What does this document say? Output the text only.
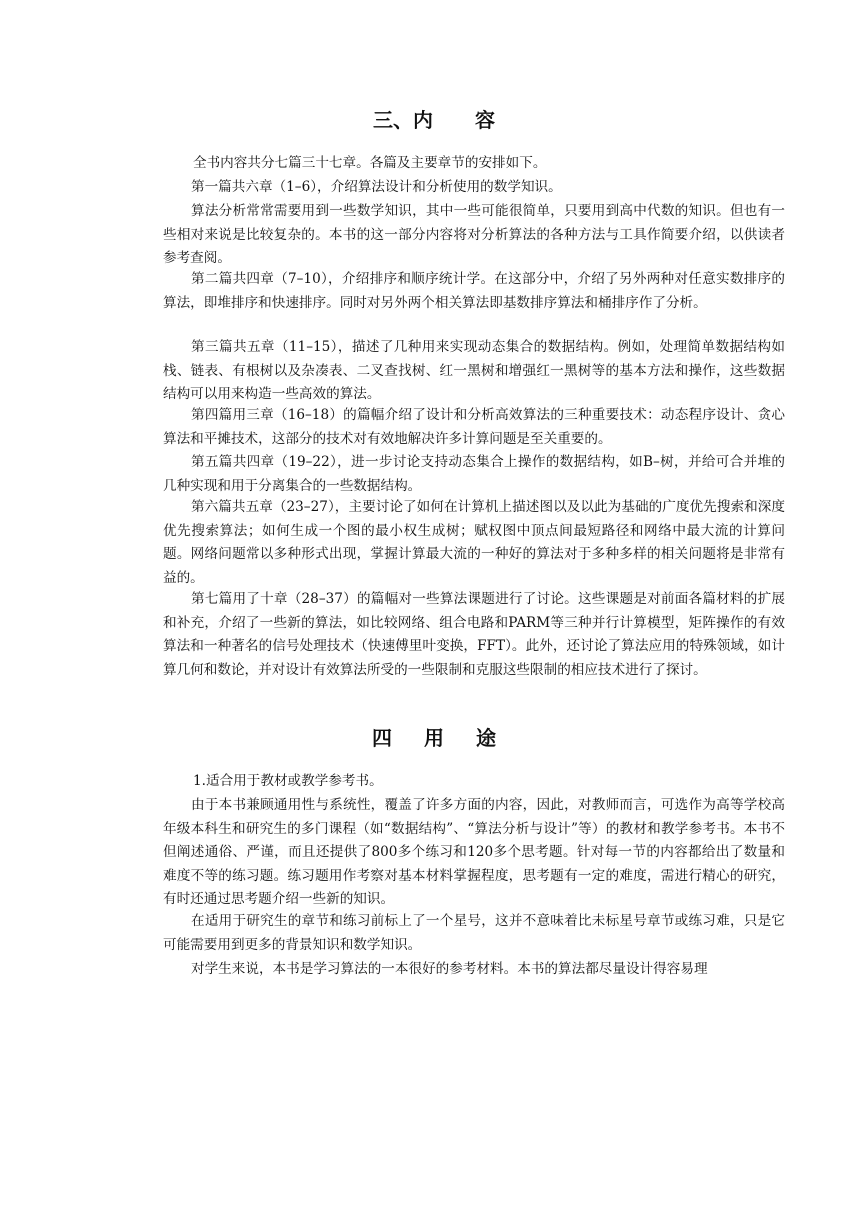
三、内 容

全书内容共分七篇三十七章。各篇及主要章节的安排如下。

第一篇共六章（1–6），介绍算法设计和分析使用的数学知识。

算法分析常常需要用到一些数学知识，其中一些可能很简单，只要用到高中代数的知识。但也有一些相对来说是比较复杂的。本书的这一部分内容将对分析算法的各种方法与工具作简要介绍，以供读者参考查阅。

第二篇共四章（7–10），介绍排序和顺序统计学。在这部分中，介绍了另外两种对任意实数排序的算法，即堆排序和快速排序。同时对另外两个相关算法即基数排序算法和桶排序作了分析。

第三篇共五章（11–15），描述了几种用来实现动态集合的数据结构。例如，处理简单数据结构如栈、链表、有根树以及杂凑表、二叉查找树、红一黑树和增强红一黑树等的基本方法和操作，这些数据结构可以用来构造一些高效的算法。

第四篇用三章（16–18）的篇幅介绍了设计和分析高效算法的三种重要技术：动态程序设计、贪心算法和平摊技术，这部分的技术对有效地解决许多计算问题是至关重要的。

第五篇共四章（19–22），进一步讨论支持动态集合上操作的数据结构，如B–树，并给可合并堆的几种实现和用于分离集合的一些数据结构。

第六篇共五章（23–27），主要讨论了如何在计算机上描述图以及以此为基础的广度优先搜索和深度优先搜索算法；如何生成一个图的最小权生成树；赋权图中顶点间最短路径和网络中最大流的计算问题。网络问题常以多种形式出现，掌握计算最大流的一种好的算法对于多种多样的相关问题将是非常有益的。

第七篇用了十章（28–37）的篇幅对一些算法课题进行了讨论。这些课题是对前面各篇材料的扩展和补充，介绍了一些新的算法，如比较网络、组合电路和PARM等三种并行计算模型，矩阵操作的有效算法和一种著名的信号处理技术（快速傅里叶变换，FFT）。此外，还讨论了算法应用的特殊领域，如计算几何和数论，并对设计有效算法所受的一些限制和克服这些限制的相应技术进行了探讨。

四 用 途

1.适合用于教材或教学参考书。

由于本书兼顾通用性与系统性，覆盖了许多方面的内容，因此，对教师而言，可选作为高等学校高年级本科生和研究生的多门课程（如“数据结构”、“算法分析与设计”等）的教材和教学参考书。本书不但阐述通俗、严谨，而且还提供了800多个练习和120多个思考题。针对每一节的内容都给出了数量和难度不等的练习题。练习题用作考察对基本材料掌握程度，思考题有一定的难度，需进行精心的研究，有时还通过思考题介绍一些新的知识。

在适用于研究生的章节和练习前标上了一个星号，这并不意味着比未标星号章节或练习难，只是它可能需要用到更多的背景知识和数学知识。

对学生来说，本书是学习算法的一本很好的参考材料。本书的算法都尽量设计得容易理
